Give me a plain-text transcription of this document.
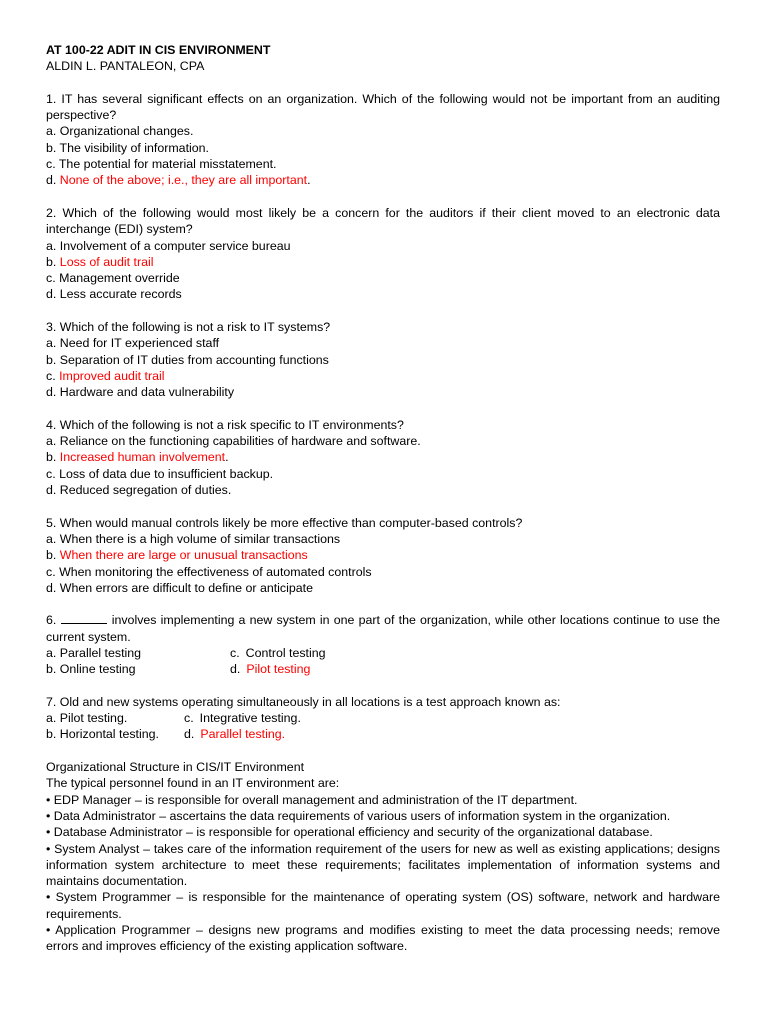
AT 100-22 ADIT IN CIS ENVIRONMENT
ALDIN L. PANTALEON, CPA
1. IT has several significant effects on an organization. Which of the following would not be important from an auditing perspective?
a. Organizational changes.
b. The visibility of information.
c. The potential for material misstatement.
d. None of the above; i.e., they are all important.
2. Which of the following would most likely be a concern for the auditors if their client moved to an electronic data interchange (EDI) system?
a. Involvement of a computer service bureau
b. Loss of audit trail
c. Management override
d. Less accurate records
3. Which of the following is not a risk to IT systems?
a. Need for IT experienced staff
b. Separation of IT duties from accounting functions
c. Improved audit trail
d. Hardware and data vulnerability
4. Which of the following is not a risk specific to IT environments?
a. Reliance on the functioning capabilities of hardware and software.
b. Increased human involvement.
c. Loss of data due to insufficient backup.
d. Reduced segregation of duties.
5. When would manual controls likely be more effective than computer-based controls?
a. When there is a high volume of similar transactions
b. When there are large or unusual transactions
c. When monitoring the effectiveness of automated controls
d. When errors are difficult to define or anticipate
6.	involves implementing a new system in one part of the organization, while other locations continue to use the current system.
a. Parallel testing	c. Control testing
b. Online testing	d. Pilot testing
7. Old and new systems operating simultaneously in all locations is a test approach known as:
a. Pilot testing.	c. Integrative testing.
b. Horizontal testing.	d. Parallel testing.
Organizational Structure in CIS/IT Environment
The typical personnel found in an IT environment are:
• EDP Manager – is responsible for overall management and administration of the IT department.
• Data Administrator – ascertains the data requirements of various users of information system in the organization.
• Database Administrator – is responsible for operational efficiency and security of the organizational database.
• System Analyst – takes care of the information requirement of the users for new as well as existing applications; designs information system architecture to meet these requirements; facilitates implementation of information systems and maintains documentation.
• System Programmer – is responsible for the maintenance of operating system (OS) software, network and hardware requirements.
• Application Programmer – designs new programs and modifies existing to meet the data processing needs; remove errors and improves efficiency of the existing application software.
